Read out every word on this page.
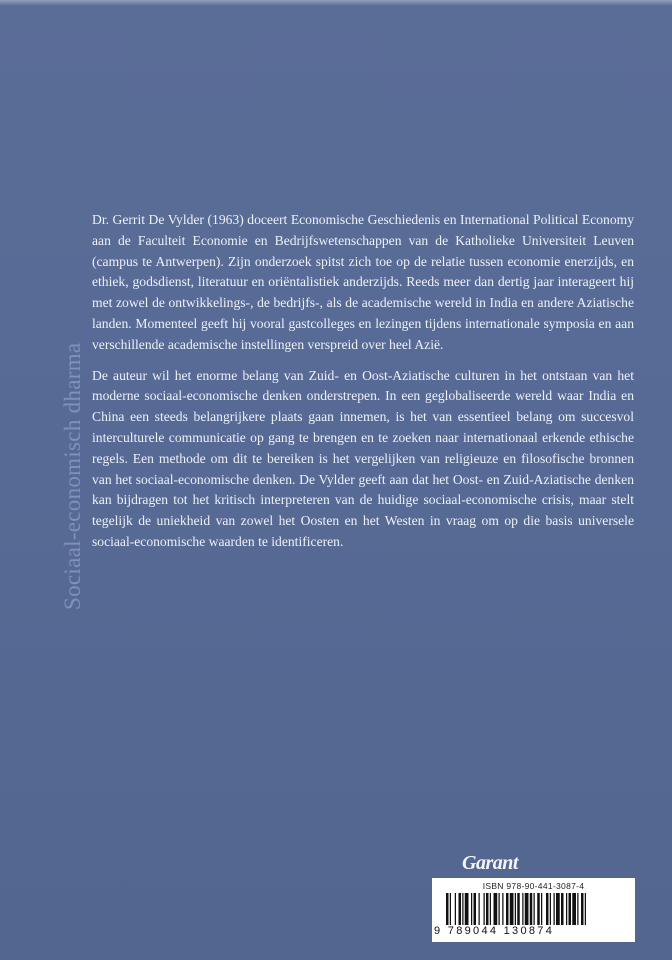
Sociaal-economisch dharma

Dr. Gerrit De Vylder (1963) doceert Economische Geschiedenis en International Political Economy aan de Faculteit Economie en Bedrijfswetenschappen van de Katholieke Universiteit Leuven (campus te Antwerpen). Zijn onderzoek spitst zich toe op de relatie tussen economie enerzijds, en ethiek, godsdienst, literatuur en oriëntalistiek anderzijds. Reeds meer dan dertig jaar interageert hij met zowel de ontwikkelings-, de bedrijfs-, als de academische wereld in India en andere Aziatische landen. Momenteel geeft hij vooral gastcolleges en lezingen tijdens internationale symposia en aan verschillende academische instellingen verspreid over heel Azië.

De auteur wil het enorme belang van Zuid- en Oost-Aziatische culturen in het ontstaan van het moderne sociaal-economische denken onderstrepen. In een geglobaliseerde wereld waar India en China een steeds belangrijkere plaats gaan innemen, is het van essentieel belang om succesvol interculturele communicatie op gang te brengen en te zoeken naar internationaal erkende ethische regels. Een methode om dit te bereiken is het vergelijken van religieuze en filosofische bronnen van het sociaal-economische denken. De Vylder geeft aan dat het Oost- en Zuid-Aziatische denken kan bijdragen tot het kritisch interpreteren van de huidige sociaal-economische crisis, maar stelt tegelijk de uniekheid van zowel het Oosten en het Westen in vraag om op die basis universele sociaal-economische waarden te identificeren.

Garant
ISBN 978-90-441-3087-4
9 789044 130874
